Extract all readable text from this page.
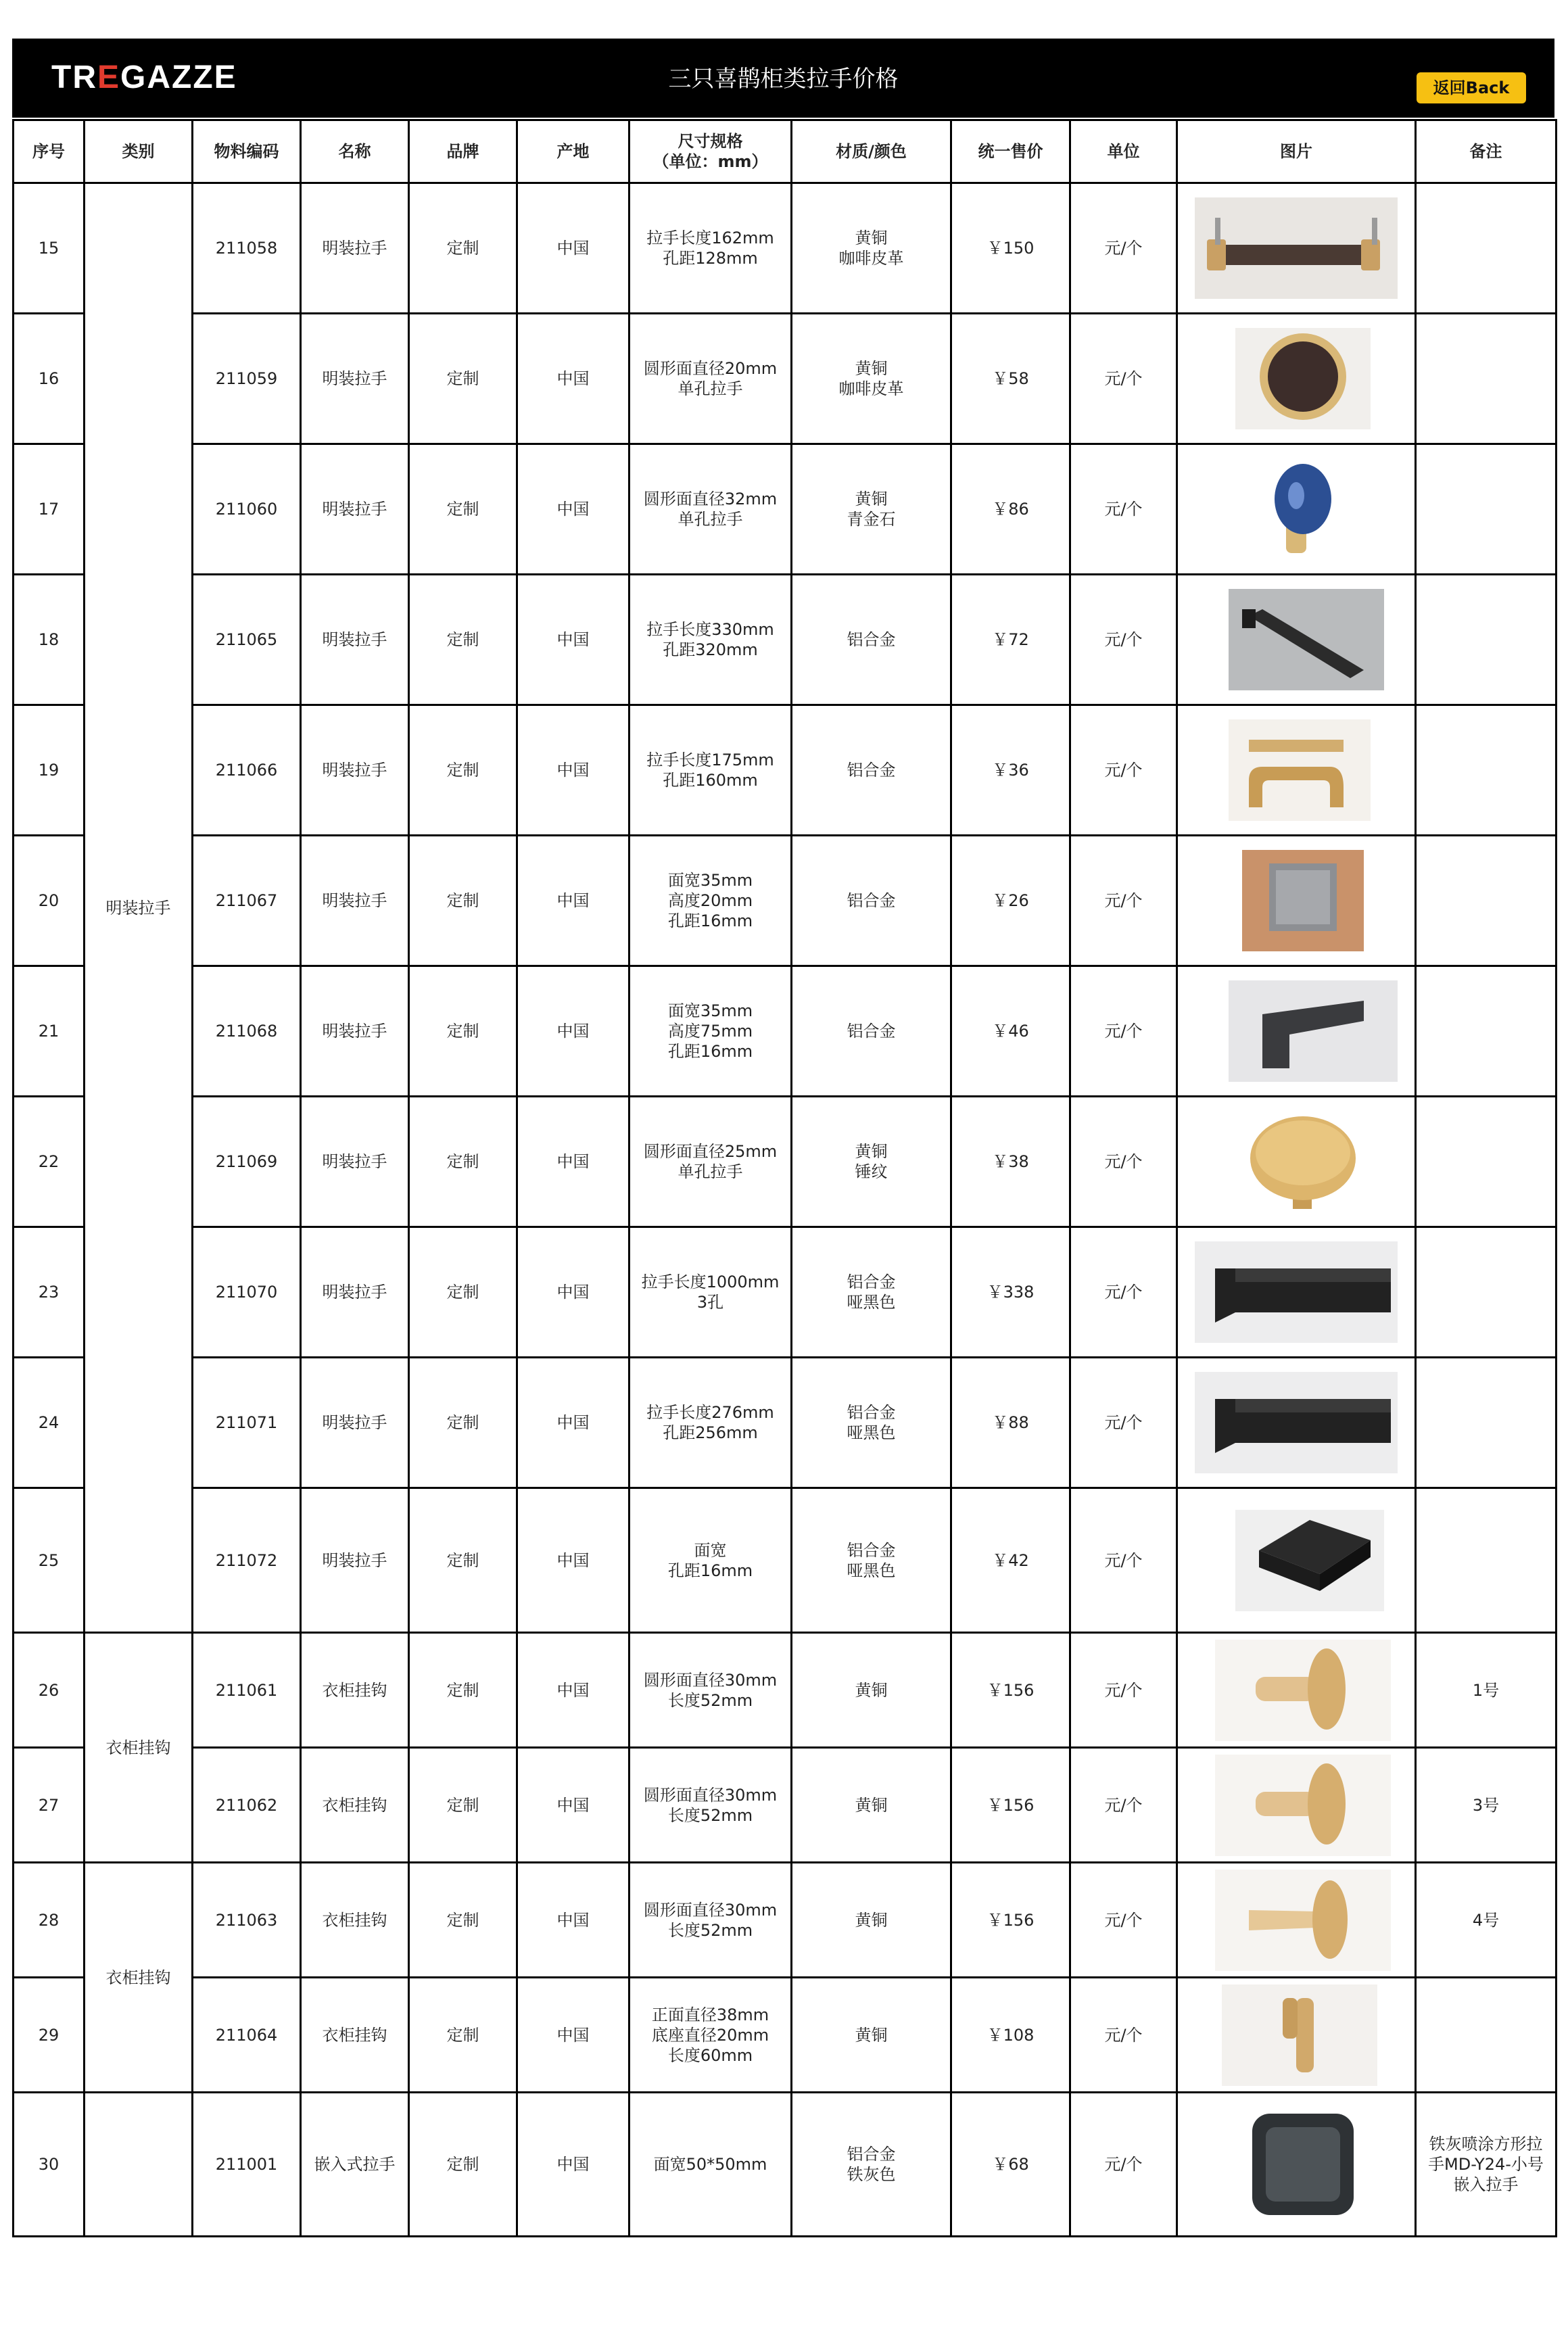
TREGAZZE	三只喜鹊柜类拉手价格	返回Back
序号	类别	物料编码	名称	品牌	产地	尺寸规格
（单位：mm）	材质/颜色	统一售价	单位	图片	备注
15	明装拉手	211058	明装拉手	定制	中国	拉手长度162mm
孔距128mm	黄铜
咖啡皮革	￥150	元/个	

16		211059	明装拉手	定制	中国	圆形面直径20mm
单孔拉手	黄铜
咖啡皮革	￥58	元/个	

17		211060	明装拉手	定制	中国	圆形面直径32mm
单孔拉手	黄铜
青金石	￥86	元/个	

18		211065	明装拉手	定制	中国	拉手长度330mm
孔距320mm	铝合金	￥72	元/个	

19		211066	明装拉手	定制	中国	拉手长度175mm
孔距160mm	铝合金	￥36	元/个	

20		211067	明装拉手	定制	中国	面宽35mm
高度20mm
孔距16mm	铝合金	￥26	元/个	

21		211068	明装拉手	定制	中国	面宽35mm
高度75mm
孔距16mm	铝合金	￥46	元/个	

22		211069	明装拉手	定制	中国	圆形面直径25mm
单孔拉手	黄铜
锤纹	￥38	元/个	

23		211070	明装拉手	定制	中国	拉手长度1000mm
3孔	铝合金
哑黑色	￥338	元/个	

24		211071	明装拉手	定制	中国	拉手长度276mm
孔距256mm	铝合金
哑黑色	￥88	元/个	

25		211072	明装拉手	定制	中国	面宽
孔距16mm	铝合金
哑黑色	￥42	元/个	

26	衣柜挂钩	211061	衣柜挂钩	定制	中国	圆形面直径30mm
长度52mm	黄铜	￥156	元/个		1号
27		211062	衣柜挂钩	定制	中国	圆形面直径30mm
长度52mm	黄铜	￥156	元/个		3号
28	衣柜挂钩	211063	衣柜挂钩	定制	中国	圆形面直径30mm
长度52mm	黄铜	￥156	元/个		4号
29		211064	衣柜挂钩	定制	中国	正面直径38mm
底座直径20mm
长度60mm	黄铜	￥108	元/个	

30		211001	嵌入式拉手	定制	中国	面宽50*50mm	铝合金
铁灰色	￥68	元/个		铁灰喷涂方形拉
手MD-Y24-小号
嵌入拉手
